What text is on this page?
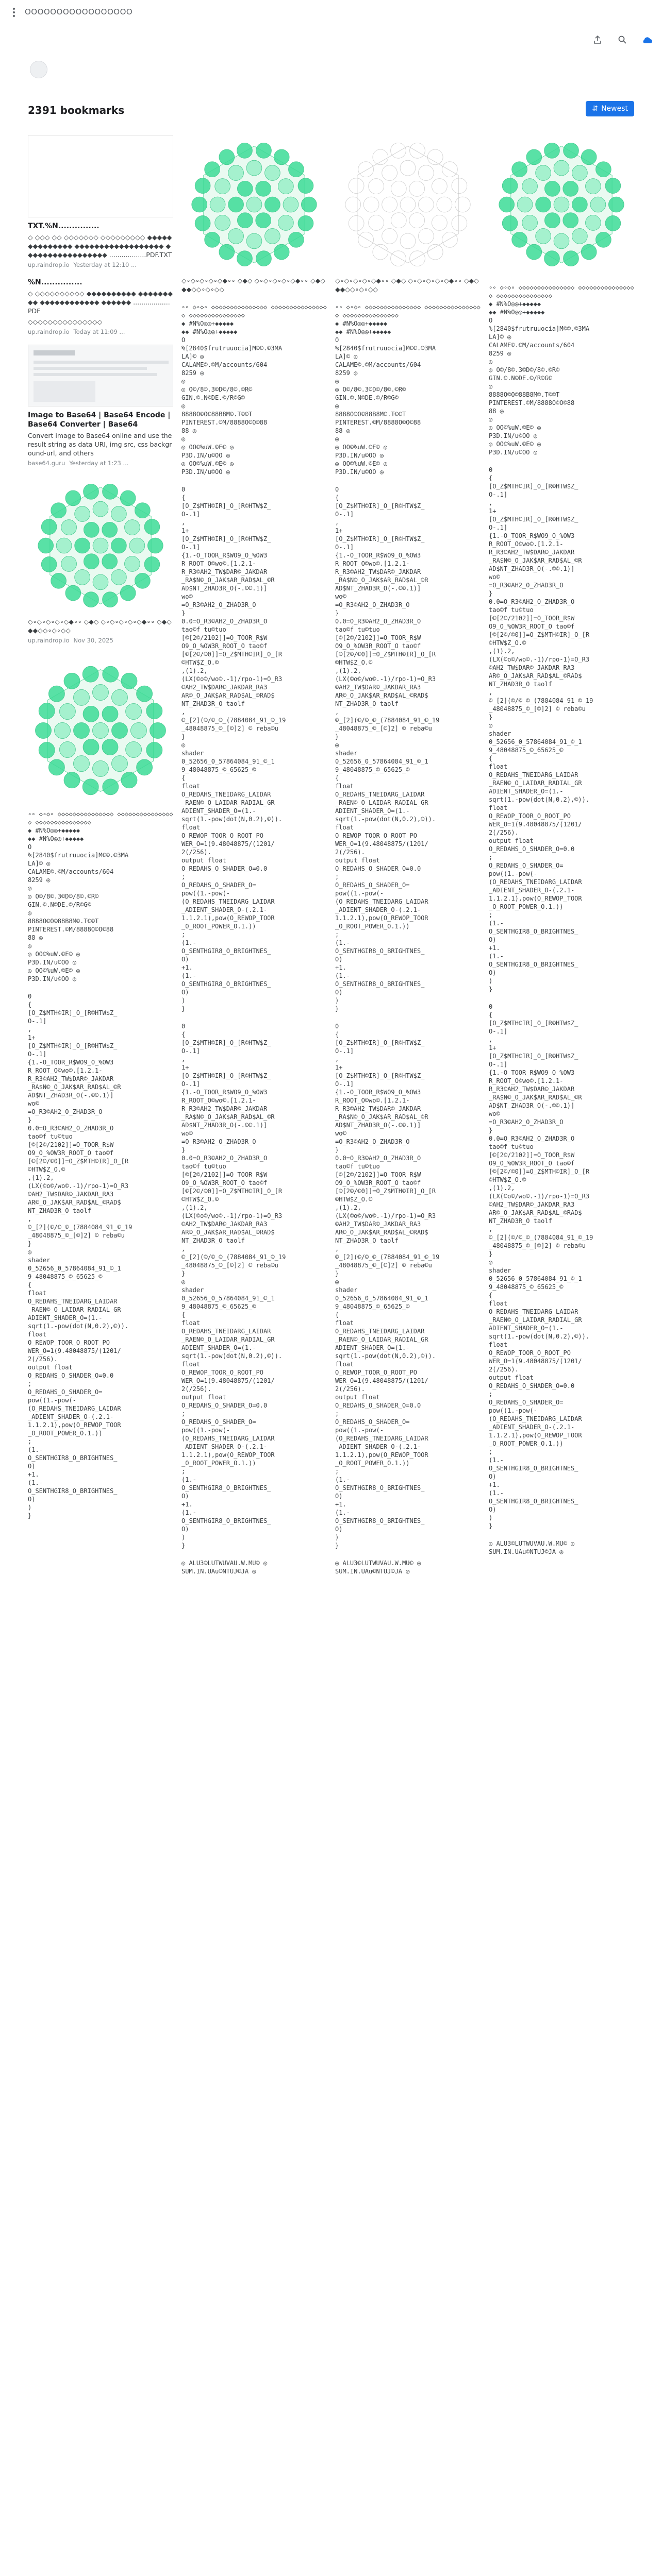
OOOOOOOOOOOOOOOOO
2391 bookmarks	⇵ Newest
TXT.%N...............
◇ ◇◇◇ ◇◇ ◇◇◇◇◇◇◇ ◇◇◇◇◇◇◇◇◇ ◆◆◆◆◆◆◆◆◆◆◆◆◆◆ ◆◆◆◆◆◆◆◆◆◆◆◆◆◆◆◆◆◆ ◆◆◆◆◆◆◆◆◆◆◆◆◆◆◆◆◆ ..................PDF.TXT
up.raindrop.io Yesterday at 12:10 ...
%N...............
◇ ◇◇◇◇◇◇◇◇◇◇ ◆◆◆◆◆◆◆◆◆◆ ◆◆◆◆◆◆◆◆◆ ◆◆◆◆◆◆◆◆◆◆◆◆ ◆◆◆◆◆◆ ..................PDF
◇◇◇◇◇◇◇◇◇◇◇◇◇◇◇
up.raindrop.io Today at 11:09 ...
Image to Base64 | Base64 Encode | Base64 Converter | Base64
Convert image to Base64 online and use the result string as data URI, img src, css background-url, and others
base64.guru Yesterday at 1:23 ...
◇∘◇∘◇∘◇∘◇◆∘∘ ◇◆◇ ◇∘◇∘◇∘◇∘◇◆∘∘ ◇◆◇ ◆◆◇◇∘◇∘◇◇
up.raindrop.io Nov 30, 2025
∘∘ ◇∘◇∘ ◇◇◇◇◇◇◇◇◇◇◇◇◇◇◇ ◇◇◇◇◇◇◇◇◇◇◇◇◇◇◇◇ ◇◇◇◇◇◇◇◇◇◇◇◇◇◇◇
◆ #N%O◎◎+◆◆◆◆◆
◆◆ #N%O◎◎+◆◆◆◆◆
O
%[2840$frutruuocia]M©©.©3MA
LA]© ◎
CALAME©.©M/accounts/604
8259 ◎
◎
◎ O©/8©.3©D©/8©.©R©
GIN.©.N©DE.©/R©G©
◎
8888O©O©88B8M©.T©©T
PINTEREST.©M/8888O©O©88
88 ◎
◎
◎ OO©%uW.©E© ◎
P3D.IN/u©OO ◎
◎ OO©%uW.©E© ◎
P3D.IN/u©OO ◎
0
{
[O_Z$MTH©IR]_O_[R©HTW$Z_
O-.1]
,
1+
[O_Z$MTH©IR]_O_[R©HTW$Z_
O-.1]
{1.-O_TOOR_R$WO9_O_%OW3
R_ROOT_O©wo©.[1.2.1-
R_R3©AH2_TW$DAR©_JAKDAR
_RA$N©_O_JAK$AR_RAD$AL_©R
AD$NT_ZHAD3R_O(-.©©.1)]
wo©
=O_R3©AH2_O_ZHAD3R_O
}
0.0=O_R3©AH2_O_ZHAD3R_O
tao©f tu©tuo
[©[2©/2102]]=O_TOOR_R$W
O9_O_%OW3R_ROOT_O tao©f
[©[2©/©0]]=O_Z$MTH©IR]_O_[R
©HTW$Z_O.©
,(1).2,
(LX(©o©/wo©.-1)/rpo-1)=O_R3
©AH2_TW$DAR©_JAKDAR_RA3
AR©_O_JAK$AR_RAD$AL_©RAD$
NT_ZHAD3R_O taolf
,
©_[2](©/©_©_(7884084_91_©_19
_48048875_©_[©]2] © reba©u
}
◎
shader
0_52656_0_57864084_91_©_1
9_48048875_©_65625_©
{
float
O_REDAHS_TNEIDARG_LAIDAR
_RAEN©_O_LAIDAR_RADIAL_GR
ADIENT_SHADER_O=(1.-
sqrt(1.-pow(dot(N,0.2),©)).
float
O_REWOP_TOOR_O_ROOT_PO
WER_O=1(9.48048875/(1201/
2(/256).
output float
O_REDAHS_O_SHADER_O=0.0
;
O_REDAHS_O_SHADER_O=
pow((1.-pow(-
(O_REDAHS_TNEIDARG_LAIDAR
_ADIENT_SHADER_O-(.2.1-
1.1.2.1),pow(O_REWOP_TOOR
_O_ROOT_POWER_O.1.))
;
(1.-
O_SENTHGIR8_O_BRIGHTNES_
O)
+1.
(1.-
O_SENTHGIR8_O_BRIGHTNES_
O)
)
}
◇∘◇∘◇∘◇∘◇◆∘∘ ◇◆◇ ◇∘◇∘◇∘◇∘◇◆∘∘ ◇◆◇ ◆◆◇◇∘◇∘◇◇
∘∘ ◇∘◇∘ ◇◇◇◇◇◇◇◇◇◇◇◇◇◇◇ ◇◇◇◇◇◇◇◇◇◇◇◇◇◇◇◇ ◇◇◇◇◇◇◇◇◇◇◇◇◇◇◇
◆ #N%O◎◎+◆◆◆◆◆
◆◆ #N%O◎◎+◆◆◆◆◆
O
%[2840$frutruuocia]M©©.©3MA
LA]© ◎
CALAME©.©M/accounts/604
8259 ◎
◎
◎ O©/8©.3©D©/8©.©R©
GIN.©.N©DE.©/R©G©
◎
8888O©O©88B8M©.T©©T
PINTEREST.©M/8888O©O©88
88 ◎
◎
◎ OO©%uW.©E© ◎
P3D.IN/u©OO ◎
◎ OO©%uW.©E© ◎
P3D.IN/u©OO ◎
0
{
[O_Z$MTH©IR]_O_[R©HTW$Z_
O-.1]
,
1+
[O_Z$MTH©IR]_O_[R©HTW$Z_
O-.1]
{1.-O_TOOR_R$WO9_O_%OW3
R_ROOT_O©wo©.[1.2.1-
R_R3©AH2_TW$DAR©_JAKDAR
_RA$N©_O_JAK$AR_RAD$AL_©R
AD$NT_ZHAD3R_O(-.©©.1)]
wo©
=O_R3©AH2_O_ZHAD3R_O
}
0.0=O_R3©AH2_O_ZHAD3R_O
tao©f tu©tuo
[©[2©/2102]]=O_TOOR_R$W
O9_O_%OW3R_ROOT_O tao©f
[©[2©/©0]]=O_Z$MTH©IR]_O_[R
©HTW$Z_O.©
,(1).2,
(LX(©o©/wo©.-1)/rpo-1)=O_R3
©AH2_TW$DAR©_JAKDAR_RA3
AR©_O_JAK$AR_RAD$AL_©RAD$
NT_ZHAD3R_O taolf
,
©_[2](©/©_©_(7884084_91_©_19
_48048875_©_[©]2] © reba©u
}
◎
shader
0_52656_0_57864084_91_©_1
9_48048875_©_65625_©
{
float
O_REDAHS_TNEIDARG_LAIDAR
_RAEN©_O_LAIDAR_RADIAL_GR
ADIENT_SHADER_O=(1.-
sqrt(1.-pow(dot(N,0.2),©)).
float
O_REWOP_TOOR_O_ROOT_PO
WER_O=1(9.48048875/(1201/
2(/256).
output float
O_REDAHS_O_SHADER_O=0.0
;
O_REDAHS_O_SHADER_O=
pow((1.-pow(-
(O_REDAHS_TNEIDARG_LAIDAR
_ADIENT_SHADER_O-(.2.1-
1.1.2.1),pow(O_REWOP_TOOR
_O_ROOT_POWER_O.1.))
;
(1.-
O_SENTHGIR8_O_BRIGHTNES_
O)
+1.
(1.-
O_SENTHGIR8_O_BRIGHTNES_
O)
)
}
0
{
[O_Z$MTH©IR]_O_[R©HTW$Z_
O-.1]
,
1+
[O_Z$MTH©IR]_O_[R©HTW$Z_
O-.1]
{1.-O_TOOR_R$WO9_O_%OW3
R_ROOT_O©wo©.[1.2.1-
R_R3©AH2_TW$DAR©_JAKDAR
_RA$N©_O_JAK$AR_RAD$AL_©R
AD$NT_ZHAD3R_O(-.©©.1)]
wo©
=O_R3©AH2_O_ZHAD3R_O
}
0.0=O_R3©AH2_O_ZHAD3R_O
tao©f tu©tuo
[©[2©/2102]]=O_TOOR_R$W
O9_O_%OW3R_ROOT_O tao©f
[©[2©/©0]]=O_Z$MTH©IR]_O_[R
©HTW$Z_O.©
,(1).2,
(LX(©o©/wo©.-1)/rpo-1)=O_R3
©AH2_TW$DAR©_JAKDAR_RA3
AR©_O_JAK$AR_RAD$AL_©RAD$
NT_ZHAD3R_O taolf
,
©_[2](©/©_©_(7884084_91_©_19
_48048875_©_[©]2] © reba©u
}
◎
shader
0_52656_0_57864084_91_©_1
9_48048875_©_65625_©
{
float
O_REDAHS_TNEIDARG_LAIDAR
_RAEN©_O_LAIDAR_RADIAL_GR
ADIENT_SHADER_O=(1.-
sqrt(1.-pow(dot(N,0.2),©)).
float
O_REWOP_TOOR_O_ROOT_PO
WER_O=1(9.48048875/(1201/
2(/256).
output float
O_REDAHS_O_SHADER_O=0.0
;
O_REDAHS_O_SHADER_O=
pow((1.-pow(-
(O_REDAHS_TNEIDARG_LAIDAR
_ADIENT_SHADER_O-(.2.1-
1.1.2.1),pow(O_REWOP_TOOR
_O_ROOT_POWER_O.1.))
;
(1.-
O_SENTHGIR8_O_BRIGHTNES_
O)
+1.
(1.-
O_SENTHGIR8_O_BRIGHTNES_
O)
)
}
◎ ALU3©LUTWUVAU.W.MU© ◎
SUM.IN.UAu©NTUJ©JA ◎
◇∘◇∘◇∘◇∘◇◆∘∘ ◇◆◇ ◇∘◇∘◇∘◇∘◇◆∘∘ ◇◆◇ ◆◆◇◇∘◇∘◇◇
∘∘ ◇∘◇∘ ◇◇◇◇◇◇◇◇◇◇◇◇◇◇◇ ◇◇◇◇◇◇◇◇◇◇◇◇◇◇◇◇ ◇◇◇◇◇◇◇◇◇◇◇◇◇◇◇
◆ #N%O◎◎+◆◆◆◆◆
◆◆ #N%O◎◎+◆◆◆◆◆
O
%[2840$frutruuocia]M©©.©3MA
LA]© ◎
CALAME©.©M/accounts/604
8259 ◎
◎
◎ O©/8©.3©D©/8©.©R©
GIN.©.N©DE.©/R©G©
◎
8888O©O©88B8M©.T©©T
PINTEREST.©M/8888O©O©88
88 ◎
◎
◎ OO©%uW.©E© ◎
P3D.IN/u©OO ◎
◎ OO©%uW.©E© ◎
P3D.IN/u©OO ◎
0
{
[O_Z$MTH©IR]_O_[R©HTW$Z_
O-.1]
,
1+
[O_Z$MTH©IR]_O_[R©HTW$Z_
O-.1]
{1.-O_TOOR_R$WO9_O_%OW3
R_ROOT_O©wo©.[1.2.1-
R_R3©AH2_TW$DAR©_JAKDAR
_RA$N©_O_JAK$AR_RAD$AL_©R
AD$NT_ZHAD3R_O(-.©©.1)]
wo©
=O_R3©AH2_O_ZHAD3R_O
}
0.0=O_R3©AH2_O_ZHAD3R_O
tao©f tu©tuo
[©[2©/2102]]=O_TOOR_R$W
O9_O_%OW3R_ROOT_O tao©f
[©[2©/©0]]=O_Z$MTH©IR]_O_[R
©HTW$Z_O.©
,(1).2,
(LX(©o©/wo©.-1)/rpo-1)=O_R3
©AH2_TW$DAR©_JAKDAR_RA3
AR©_O_JAK$AR_RAD$AL_©RAD$
NT_ZHAD3R_O taolf
,
©_[2](©/©_©_(7884084_91_©_19
_48048875_©_[©]2] © reba©u
}
◎
shader
0_52656_0_57864084_91_©_1
9_48048875_©_65625_©
{
float
O_REDAHS_TNEIDARG_LAIDAR
_RAEN©_O_LAIDAR_RADIAL_GR
ADIENT_SHADER_O=(1.-
sqrt(1.-pow(dot(N,0.2),©)).
float
O_REWOP_TOOR_O_ROOT_PO
WER_O=1(9.48048875/(1201/
2(/256).
output float
O_REDAHS_O_SHADER_O=0.0
;
O_REDAHS_O_SHADER_O=
pow((1.-pow(-
(O_REDAHS_TNEIDARG_LAIDAR
_ADIENT_SHADER_O-(.2.1-
1.1.2.1),pow(O_REWOP_TOOR
_O_ROOT_POWER_O.1.))
;
(1.-
O_SENTHGIR8_O_BRIGHTNES_
O)
+1.
(1.-
O_SENTHGIR8_O_BRIGHTNES_
O)
)
}
0
{
[O_Z$MTH©IR]_O_[R©HTW$Z_
O-.1]
,
1+
[O_Z$MTH©IR]_O_[R©HTW$Z_
O-.1]
{1.-O_TOOR_R$WO9_O_%OW3
R_ROOT_O©wo©.[1.2.1-
R_R3©AH2_TW$DAR©_JAKDAR
_RA$N©_O_JAK$AR_RAD$AL_©R
AD$NT_ZHAD3R_O(-.©©.1)]
wo©
=O_R3©AH2_O_ZHAD3R_O
}
0.0=O_R3©AH2_O_ZHAD3R_O
tao©f tu©tuo
[©[2©/2102]]=O_TOOR_R$W
O9_O_%OW3R_ROOT_O tao©f
[©[2©/©0]]=O_Z$MTH©IR]_O_[R
©HTW$Z_O.©
,(1).2,
(LX(©o©/wo©.-1)/rpo-1)=O_R3
©AH2_TW$DAR©_JAKDAR_RA3
AR©_O_JAK$AR_RAD$AL_©RAD$
NT_ZHAD3R_O taolf
,
©_[2](©/©_©_(7884084_91_©_19
_48048875_©_[©]2] © reba©u
}
◎
shader
0_52656_0_57864084_91_©_1
9_48048875_©_65625_©
{
float
O_REDAHS_TNEIDARG_LAIDAR
_RAEN©_O_LAIDAR_RADIAL_GR
ADIENT_SHADER_O=(1.-
sqrt(1.-pow(dot(N,0.2),©)).
float
O_REWOP_TOOR_O_ROOT_PO
WER_O=1(9.48048875/(1201/
2(/256).
output float
O_REDAHS_O_SHADER_O=0.0
;
O_REDAHS_O_SHADER_O=
pow((1.-pow(-
(O_REDAHS_TNEIDARG_LAIDAR
_ADIENT_SHADER_O-(.2.1-
1.1.2.1),pow(O_REWOP_TOOR
_O_ROOT_POWER_O.1.))
;
(1.-
O_SENTHGIR8_O_BRIGHTNES_
O)
+1.
(1.-
O_SENTHGIR8_O_BRIGHTNES_
O)
)
}
◎ ALU3©LUTWUVAU.W.MU© ◎
SUM.IN.UAu©NTUJ©JA ◎
∘∘ ◇∘◇∘ ◇◇◇◇◇◇◇◇◇◇◇◇◇◇◇ ◇◇◇◇◇◇◇◇◇◇◇◇◇◇◇◇ ◇◇◇◇◇◇◇◇◇◇◇◇◇◇◇
◆ #N%O◎◎+◆◆◆◆◆
◆◆ #N%O◎◎+◆◆◆◆◆
O
%[2840$frutruuocia]M©©.©3MA
LA]© ◎
CALAME©.©M/accounts/604
8259 ◎
◎
◎ O©/8©.3©D©/8©.©R©
GIN.©.N©DE.©/R©G©
◎
8888O©O©88B8M©.T©©T
PINTEREST.©M/8888O©O©88
88 ◎
◎
◎ OO©%uW.©E© ◎
P3D.IN/u©OO ◎
◎ OO©%uW.©E© ◎
P3D.IN/u©OO ◎
0
{
[O_Z$MTH©IR]_O_[R©HTW$Z_
O-.1]
,
1+
[O_Z$MTH©IR]_O_[R©HTW$Z_
O-.1]
{1.-O_TOOR_R$WO9_O_%OW3
R_ROOT_O©wo©.[1.2.1-
R_R3©AH2_TW$DAR©_JAKDAR
_RA$N©_O_JAK$AR_RAD$AL_©R
AD$NT_ZHAD3R_O(-.©©.1)]
wo©
=O_R3©AH2_O_ZHAD3R_O
}
0.0=O_R3©AH2_O_ZHAD3R_O
tao©f tu©tuo
[©[2©/2102]]=O_TOOR_R$W
O9_O_%OW3R_ROOT_O tao©f
[©[2©/©0]]=O_Z$MTH©IR]_O_[R
©HTW$Z_O.©
,(1).2,
(LX(©o©/wo©.-1)/rpo-1)=O_R3
©AH2_TW$DAR©_JAKDAR_RA3
AR©_O_JAK$AR_RAD$AL_©RAD$
NT_ZHAD3R_O taolf
,
©_[2](©/©_©_(7884084_91_©_19
_48048875_©_[©]2] © reba©u
}
◎
shader
0_52656_0_57864084_91_©_1
9_48048875_©_65625_©
{
float
O_REDAHS_TNEIDARG_LAIDAR
_RAEN©_O_LAIDAR_RADIAL_GR
ADIENT_SHADER_O=(1.-
sqrt(1.-pow(dot(N,0.2),©)).
float
O_REWOP_TOOR_O_ROOT_PO
WER_O=1(9.48048875/(1201/
2(/256).
output float
O_REDAHS_O_SHADER_O=0.0
;
O_REDAHS_O_SHADER_O=
pow((1.-pow(-
(O_REDAHS_TNEIDARG_LAIDAR
_ADIENT_SHADER_O-(.2.1-
1.1.2.1),pow(O_REWOP_TOOR
_O_ROOT_POWER_O.1.))
;
(1.-
O_SENTHGIR8_O_BRIGHTNES_
O)
+1.
(1.-
O_SENTHGIR8_O_BRIGHTNES_
O)
)
}
0
{
[O_Z$MTH©IR]_O_[R©HTW$Z_
O-.1]
,
1+
[O_Z$MTH©IR]_O_[R©HTW$Z_
O-.1]
{1.-O_TOOR_R$WO9_O_%OW3
R_ROOT_O©wo©.[1.2.1-
R_R3©AH2_TW$DAR©_JAKDAR
_RA$N©_O_JAK$AR_RAD$AL_©R
AD$NT_ZHAD3R_O(-.©©.1)]
wo©
=O_R3©AH2_O_ZHAD3R_O
}
0.0=O_R3©AH2_O_ZHAD3R_O
tao©f tu©tuo
[©[2©/2102]]=O_TOOR_R$W
O9_O_%OW3R_ROOT_O tao©f
[©[2©/©0]]=O_Z$MTH©IR]_O_[R
©HTW$Z_O.©
,(1).2,
(LX(©o©/wo©.-1)/rpo-1)=O_R3
©AH2_TW$DAR©_JAKDAR_RA3
AR©_O_JAK$AR_RAD$AL_©RAD$
NT_ZHAD3R_O taolf
,
©_[2](©/©_©_(7884084_91_©_19
_48048875_©_[©]2] © reba©u
}
◎
shader
0_52656_0_57864084_91_©_1
9_48048875_©_65625_©
{
float
O_REDAHS_TNEIDARG_LAIDAR
_RAEN©_O_LAIDAR_RADIAL_GR
ADIENT_SHADER_O=(1.-
sqrt(1.-pow(dot(N,0.2),©)).
float
O_REWOP_TOOR_O_ROOT_PO
WER_O=1(9.48048875/(1201/
2(/256).
output float
O_REDAHS_O_SHADER_O=0.0
;
O_REDAHS_O_SHADER_O=
pow((1.-pow(-
(O_REDAHS_TNEIDARG_LAIDAR
_ADIENT_SHADER_O-(.2.1-
1.1.2.1),pow(O_REWOP_TOOR
_O_ROOT_POWER_O.1.))
;
(1.-
O_SENTHGIR8_O_BRIGHTNES_
O)
+1.
(1.-
O_SENTHGIR8_O_BRIGHTNES_
O)
)
}
◎ ALU3©LUTWUVAU.W.MU© ◎
SUM.IN.UAu©NTUJ©JA ◎
